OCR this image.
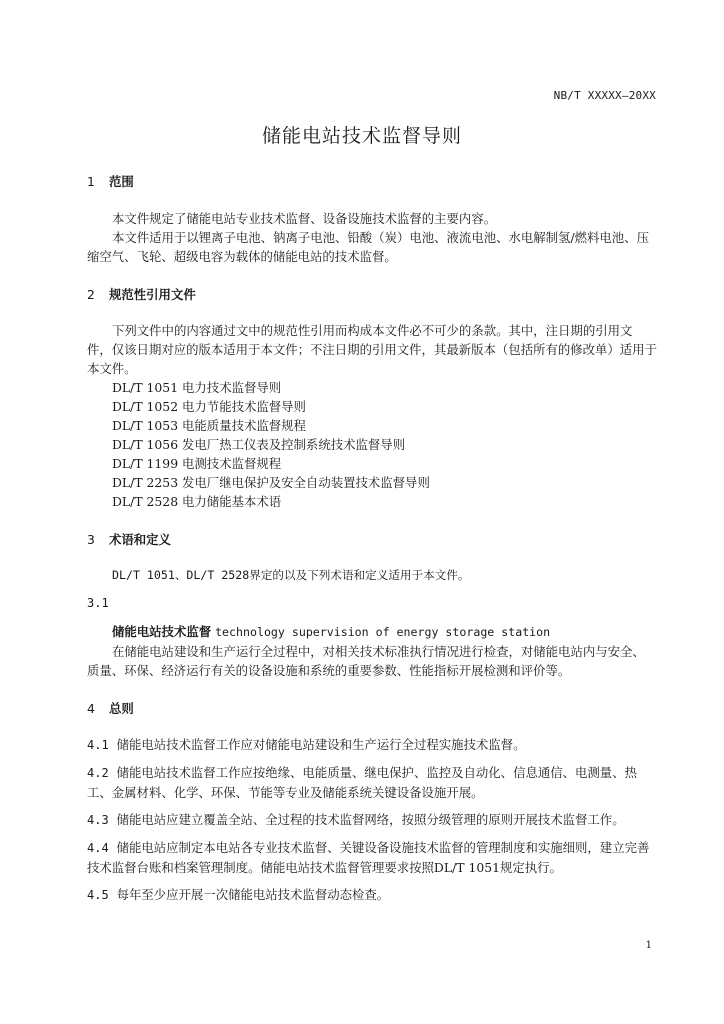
NB/T XXXXX—20XX
储能电站技术监督导则
1 范围

本文件规定了储能电站专业技术监督、设备设施技术监督的主要内容。

本文件适用于以锂离子电池、钠离子电池、铅酸（炭）电池、液流电池、水电解制氢/燃料电池、压缩空气、飞轮、超级电容为载体的储能电站的技术监督。

2 规范性引用文件

下列文件中的内容通过文中的规范性引用而构成本文件必不可少的条款。其中，注日期的引用文件，仅该日期对应的版本适用于本文件；不注日期的引用文件，其最新版本（包括所有的修改单）适用于本文件。

DL/T 1051 电力技术监督导则
DL/T 1052 电力节能技术监督导则
DL/T 1053 电能质量技术监督规程
DL/T 1056 发电厂热工仪表及控制系统技术监督导则
DL/T 1199 电测技术监督规程
DL/T 2253 发电厂继电保护及安全自动装置技术监督导则
DL/T 2528 电力储能基本术语
3 术语和定义

DL/T 1051、DL/T 2528界定的以及下列术语和定义适用于本文件。

3.1
储能电站技术监督 technology supervision of energy storage station

在储能电站建设和生产运行全过程中，对相关技术标准执行情况进行检查，对储能电站内与安全、质量、环保、经济运行有关的设备设施和系统的重要参数、性能指标开展检测和评价等。

4 总则

4.1 储能电站技术监督工作应对储能电站建设和生产运行全过程实施技术监督。

4.2 储能电站技术监督工作应按绝缘、电能质量、继电保护、监控及自动化、信息通信、电测量、热工、金属材料、化学、环保、节能等专业及储能系统关键设备设施开展。

4.3 储能电站应建立覆盖全站、全过程的技术监督网络，按照分级管理的原则开展技术监督工作。

4.4 储能电站应制定本电站各专业技术监督、关键设备设施技术监督的管理制度和实施细则，建立完善技术监督台账和档案管理制度。储能电站技术监督管理要求按照DL/T 1051规定执行。

4.5 每年至少应开展一次储能电站技术监督动态检查。

1
